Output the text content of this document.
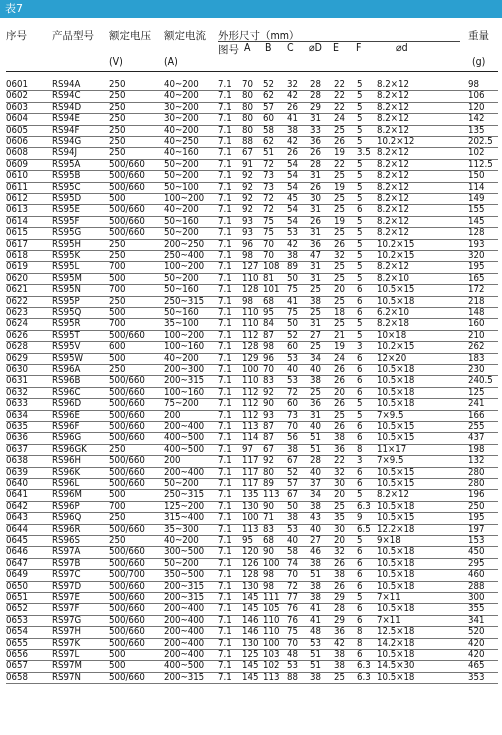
表7
序号 产品型号 额定电压 额定电流 外形尺寸（mm）	重量
图号 A B C ⌀D E F	⌀d
(V)	(A)	(g)
0601	RS94A	250	40~200 7.1 70 52 32 28 22 5 8.2×12	98
0602	RS94C	250	40~200 7.1 80 62 42 28 22 5 8.2×12	106
0603	RS94D	250	30~200 7.1 80 57 26 29 22 5 8.2×12	120
0604	RS94E	250	30~200 7.1 80 60 41 31 24 5 8.2×12	142
0605	RS94F	250	40~200 7.1 80 58 38 33 25 5 8.2×12	135
0606	RS94G	250	40~250 7.1 88 62 42 36 26 5 10.2×12	202.5
0608	RS94J	250	40~160 7.1 67 51 26 26 19 3.5 8.2×12	102
0609	RS95A	500/660 50~200 7.1 91 72 54 28 22 5 8.2×12	112.5
0610	RS95B	500/660 50~200 7.1 92 73 54 31 25 5 8.2×12	150
0611	RS95C	500/660 50~100 7.1 92 73 54 26 19 5 8.2×12	114
0612	RS95D	500	100~200 7.1 92 72 45 30 25 5 8.2×12	149
0613	RS95E	500/660 40~200 7.1 92 72 54 31 25 6 8.2×12	155
0614	RS95F	500/660 50~160 7.1 93 75 54 26 19 5 8.2×12	145
0615	RS95G	500/660 50~200 7.1 93 75 53 31 25 5 8.2×12	128
0617	RS95H	250	200~250 7.1 96 70 42 36 26 5 10.2×15	193
0618	RS95K	250	250~400 7.1 98 70 38 47 32 5 10.2×15	320
0619	RS95L	700	100~200 7.1 127 108 89 31 25 5 8.2×12	195
0620	RS95M	500	50~200 7.1 110 81 50 31 25 5 8.2×10	165
0621	RS95N	700	50~160 7.1 128 101 75 25 20 6 10.5×15	172
0622	RS95P	250	250~315 7.1 98 68 41 38 25 6 10.5×18	218
0623	RS95Q	500	50~160 7.1 110 95 75 25 18 6 6.2×10	148
0624	RS95R	700	35~100 7.1 110 84 50 31 25 5 8.2×18	160
0626	RS95T	500/660 100~200 7.1 112 87 52 27 21 5 10×18	210
0628	RS95V	600	100~160 7.1 128 98 60 25 19 3 10.2×15	262
0629	RS95W	500	40~200 7.1 129 96 53 34 24 6 12×20	183
0630	RS96A	250	200~300 7.1 100 70 40 40 26 6 10.5×18	230
0631	RS96B	500/660 200~315 7.1 110 83 53 38 26 6 10.5×18	240.5
0632	RS96C	500/660 100~160 7.1 112 92 72 25 20 6 10.5×18	125
0633	RS96D	500/660 75~200 7.1 112 90 60 36 26 5 10.5×18	241
0634	RS96E	500/660 200	7.1 112 93 73 31 25 5 7×9.5	166
0635	RS96F	500/660 200~400 7.1 113 87 70 40 26 6 10.5×15	255
0636	RS96G	500/660 400~500 7.1 114 87 56 51 38 6 10.5×15	437
0637	RS96GK 250	400~500 7.1 97 67 38 51 36 8 11×17	198
0638	RS96H	500/660 200	7.1 117 92 67 28 22 3 7×9.5	132
0639	RS96K	500/660 200~400 7.1 117 80 52 40 32 6 10.5×15	280
0640	RS96L	500/660 50~200 7.1 117 89 57 37 30 6 10.5×15	280
0641	RS96M	500	250~315 7.1 135 113 67 34 20 5 8.2×12	196
0642	RS96P	700	125~200 7.1 130 90 50 38 25 6.3 10.5×18	250
0643	RS96Q	250	315~400 7.1 100 71 38 43 35 9 10.5×15	195
0644	RS96R	500/660 35~300 7.1 113 83 53 40 30 6.5 12.2×18	197
0645	RS96S	250	40~200 7.1 95 68 40 27 20 5 9×18	153
0646	RS97A	500/660 300~500 7.1 120 90 58 46 32 6 10.5×18	450
0647	RS97B	500/660 50~200 7.1 126 100 74 38 26 6 10.5×18	295
0649	RS97C	500/700 350~500 7.1 128 98 70 51 38 6 10.5×18	460
0650	RS97D	500/660 200~315 7.1 130 98 72 38 26 6 10.5×18	288
0651	RS97E	500/660 200~315 7.1 145 111 77 38 29 5 7×11	300
0652	RS97F	500/660 200~400 7.1 145 105 76 41 28 6 10.5×18	355
0653	RS97G	500/660 200~400 7.1 146 110 76 41 29 6 7×11	341
0654	RS97H	500/660 200~400 7.1 146 110 75 48 36 8 12.5×18	520
0655	RS97K	500/660 200~400 7.1 130 100 70 53 42 8 14.2×18	420
0656	RS97L	500	200~400 7.1 125 103 48 51 38 6 10.5×18	420
0657	RS97M	500	400~500 7.1 145 102 53 51 38 6.3 14.5×30	465
0658	RS97N	500/660 200~315 7.1 145 113 88 38 25 6.3 10.5×18	353
